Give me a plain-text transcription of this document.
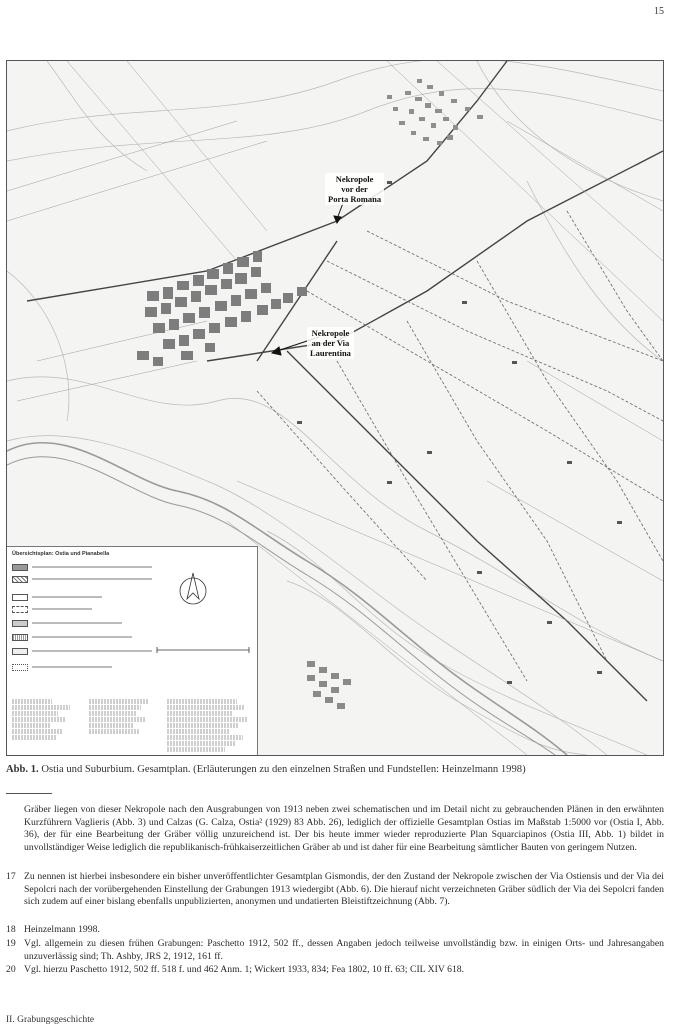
15
Nekropole
vor der
Porta Romana
Nekropole
an der Via
Laurentina
Übersichtsplan: Ostia und Pianabella
Abb. 1. Ostia und Suburbium. Gesamtplan. (Erläuterungen zu den einzelnen Straßen und Fundstellen: Heinzelmann 1998)

Gräber liegen von dieser Nekropole nach den Ausgrabungen von 1913 neben zwei schematischen und im Detail nicht zu gebrauchenden Plänen in den erwähnten Kurzführern Vaglieris (Abb. 3) und Calzas (G. Calza, Ostia² (1929) 83 Abb. 26), lediglich der offizielle Gesamtplan Ostias im Maßstab 1:5000 vor (Ostia I, Abb. 36), der für eine Bearbeitung der Gräber völlig unzureichend ist. Der bis heute immer wieder reproduzierte Plan Squarciapinos (Ostia III, Abb. 1) bildet in unvollständiger Weise lediglich die republikanisch-frühkaiserzeitlichen Gräber ab und ist daher für eine Bearbeitung sämtlicher Bauten von geringem Nutzen.

17 Zu nennen ist hierbei insbesondere ein bisher unveröffentlichter Gesamtplan Gismondis, der den Zustand der Nekropole zwischen der Via Ostiensis und der Via dei Sepolcri nach der vorübergehenden Einstellung der Grabungen 1913 wiedergibt (Abb. 6). Die hierauf nicht verzeichneten Gräber südlich der Via dei Sepolcri fanden sich zudem auf einer bislang ebenfalls unpublizierten, anonymen und undatierten Bleistiftzeichnung (Abb. 7).

18 Heinzelmann 1998.

19 Vgl. allgemein zu diesen frühen Grabungen: Paschetto 1912, 502 ff., dessen Angaben jedoch teilweise unvollständig bzw. in einigen Orts- und Jahresangaben unzuverlässig sind; Th. Ashby, JRS 2, 1912, 161 ff.

20 Vgl. hierzu Paschetto 1912, 502 ff. 518 f. und 462 Anm. 1; Wickert 1933, 834; Fea 1802, 10 ff. 63; CIL XIV 618.

II. Grabungsgeschichte
